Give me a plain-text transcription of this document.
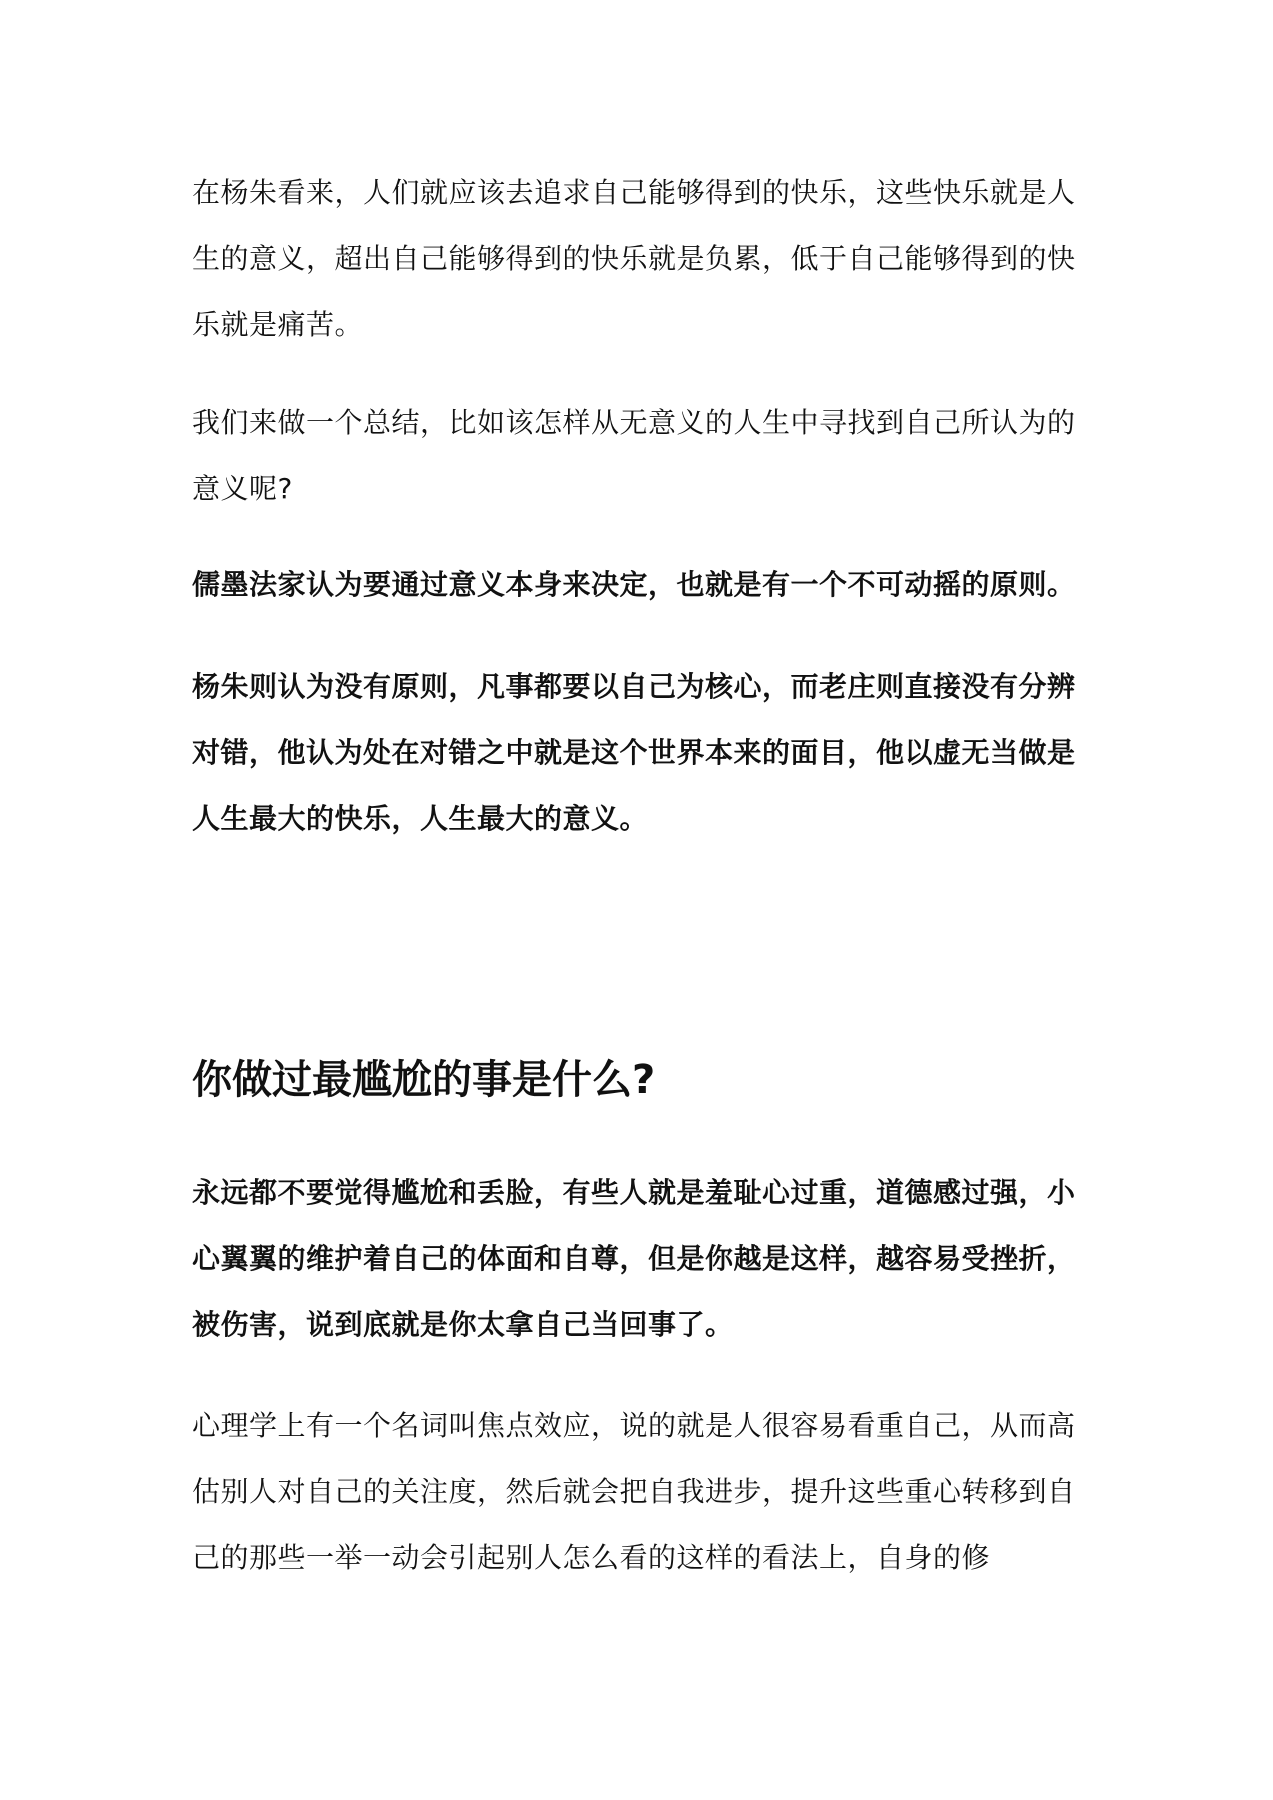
在杨朱看来，人们就应该去追求自己能够得到的快乐，这些快乐就是人生的意义，超出自己能够得到的快乐就是负累，低于自己能够得到的快乐就是痛苦。

我们来做一个总结，比如该怎样从无意义的人生中寻找到自己所认为的意义呢?

儒墨法家认为要通过意义本身来决定，也就是有一个不可动摇的原则。

杨朱则认为没有原则，凡事都要以自己为核心，而老庄则直接没有分辨对错，他认为处在对错之中就是这个世界本来的面目，他以虚无当做是人生最大的快乐，人生最大的意义。

你做过最尴尬的事是什么?

永远都不要觉得尴尬和丢脸，有些人就是羞耻心过重，道德感过强，小心翼翼的维护着自己的体面和自尊，但是你越是这样，越容易受挫折，被伤害，说到底就是你太拿自己当回事了。

心理学上有一个名词叫焦点效应，说的就是人很容易看重自己，从而高估别人对自己的关注度，然后就会把自我进步，提升这些重心转移到自己的那些一举一动会引起别人怎么看的这样的看法上，自身的修
